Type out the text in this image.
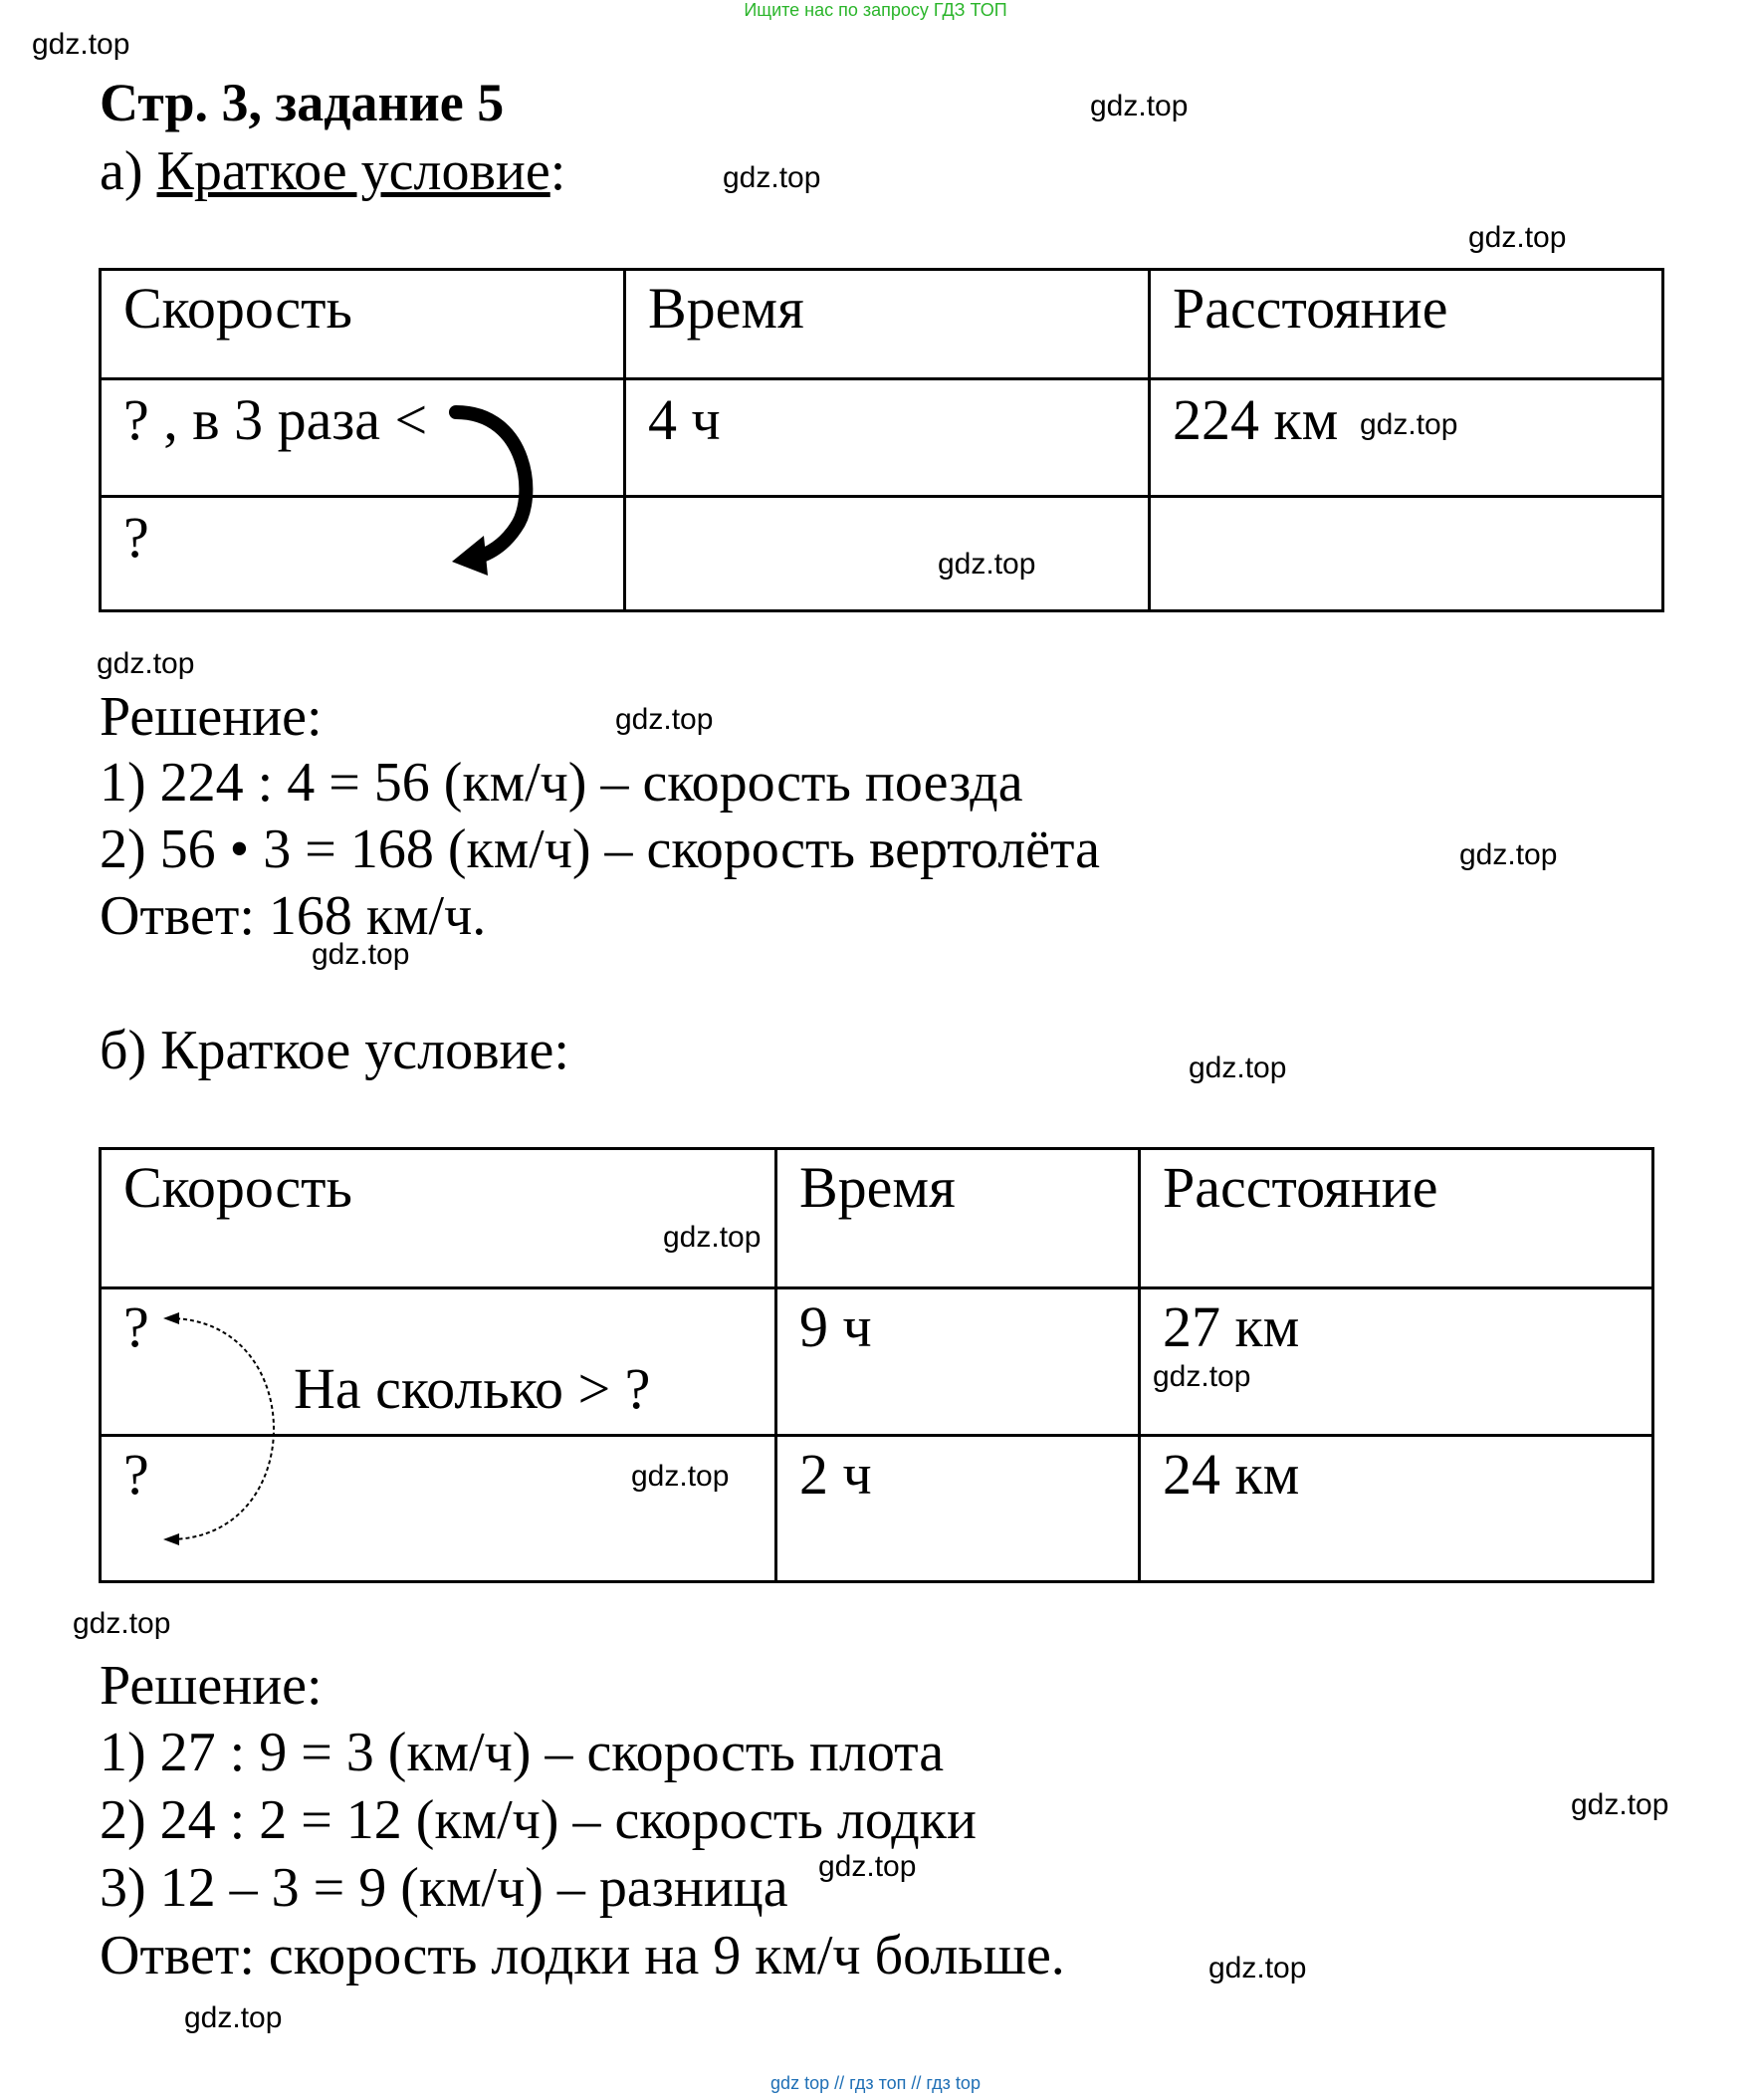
Ищите нас по запросу ГДЗ ТОП
Стр. 3, задание 5
а) Краткое условие:
Скорость	Время	Расстояние

? , в 3 раза <	4 ч	224 км

?		

Решение:
1) 224 : 4 = 56 (км/ч) – скорость поезда
2) 56 • 3 = 168 (км/ч) – скорость вертолёта
Ответ: 168 км/ч.
б) Краткое условие:
Скорость	Время	Расстояние

?	9 ч	27 км

?	2 ч	24 км
На сколько > ?
Решение:
1) 27 : 9 = 3 (км/ч) – скорость плота
2) 24 : 2 = 12 (км/ч) – скорость лодки
3) 12 – 3 = 9 (км/ч) – разница
Ответ: скорость лодки на 9 км/ч больше.
gdz.top
gdz.top
gdz.top
gdz.top
gdz.top
gdz.top
gdz.top
gdz.top
gdz.top
gdz.top
gdz.top
gdz.top
gdz.top
gdz.top
gdz.top
gdz.top
gdz.top
gdz.top
gdz.top
gdz top // гдз топ // гдз top
